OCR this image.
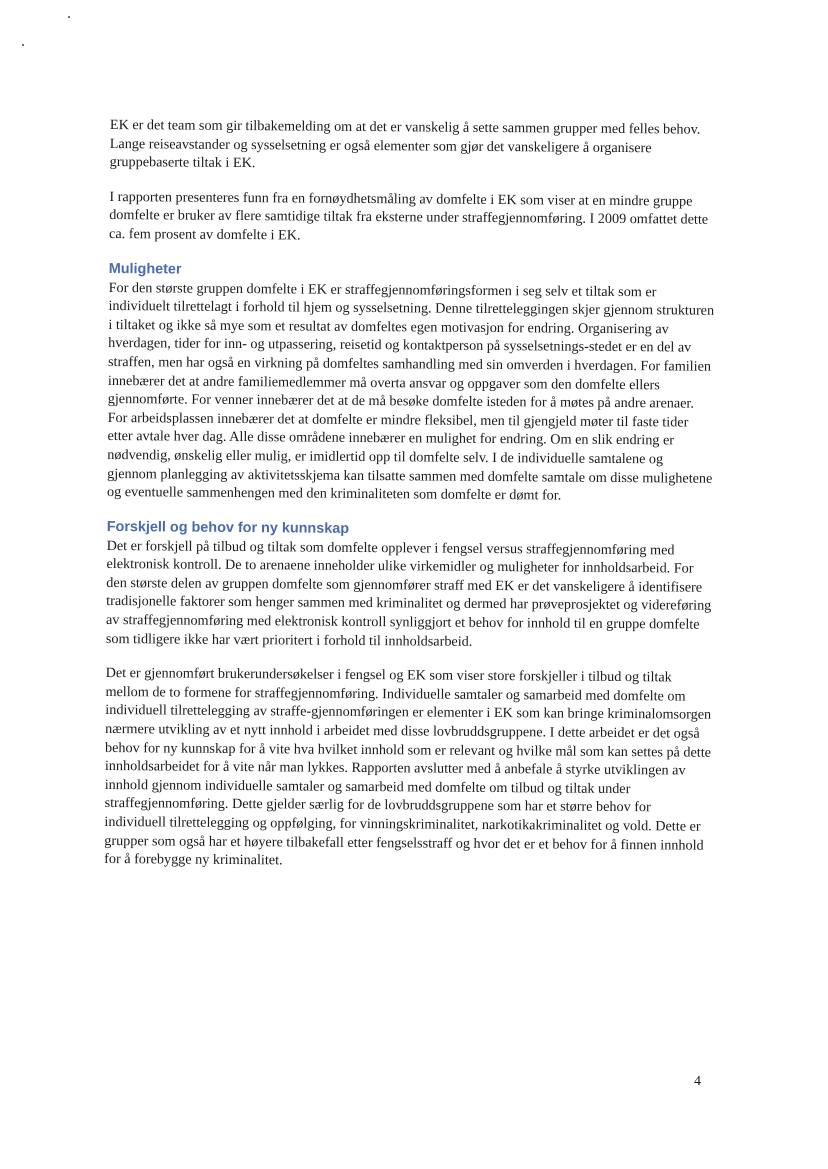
EK er det team som gir tilbakemelding om at det er vanskelig å sette sammen grupper med felles behov. Lange reiseavstander og sysselsetning er også elementer som gjør det vanskeligere å organisere gruppebaserte tiltak i EK.

I rapporten presenteres funn fra en fornøydhetsmåling av domfelte i EK som viser at en mindre gruppe domfelte er bruker av flere samtidige tiltak fra eksterne under straffegjennomføring. I 2009 omfattet dette ca. fem prosent av domfelte i EK.

Muligheter

For den største gruppen domfelte i EK er straffegjennomføringsformen i seg selv et tiltak som er individuelt tilrettelagt i forhold til hjem og sysselsetning. Denne tilretteleggingen skjer gjennom strukturen i tiltaket og ikke så mye som et resultat av domfeltes egen motivasjon for endring. Organisering av hverdagen, tider for inn- og utpassering, reisetid og kontaktperson på sysselsetnings-stedet er en del av straffen, men har også en virkning på domfeltes samhandling med sin omverden i hverdagen. For familien innebærer det at andre familiemedlemmer må overta ansvar og oppgaver som den domfelte ellers gjennomførte. For venner innebærer det at de må besøke domfelte isteden for å møtes på andre arenaer. For arbeidsplassen innebærer det at domfelte er mindre fleksibel, men til gjengjeld møter til faste tider etter avtale hver dag. Alle disse områdene innebærer en mulighet for endring. Om en slik endring er nødvendig, ønskelig eller mulig, er imidlertid opp til domfelte selv. I de individuelle samtalene og gjennom planlegging av aktivitetsskjema kan tilsatte sammen med domfelte samtale om disse mulighetene og eventuelle sammenhengen med den kriminaliteten som domfelte er dømt for.

Forskjell og behov for ny kunnskap

Det er forskjell på tilbud og tiltak som domfelte opplever i fengsel versus straffegjennomføring med elektronisk kontroll. De to arenaene inneholder ulike virkemidler og muligheter for innholdsarbeid. For den største delen av gruppen domfelte som gjennomfører straff med EK er det vanskeligere å identifisere tradisjonelle faktorer som henger sammen med kriminalitet og dermed har prøveprosjektet og videreføring av straffegjennomføring med elektronisk kontroll synliggjort et behov for innhold til en gruppe domfelte som tidligere ikke har vært prioritert i forhold til innholdsarbeid.

Det er gjennomført brukerundersøkelser i fengsel og EK som viser store forskjeller i tilbud og tiltak mellom de to formene for straffegjennomføring. Individuelle samtaler og samarbeid med domfelte om individuell tilrettelegging av straffe-gjennomføringen er elementer i EK som kan bringe kriminalomsorgen nærmere utvikling av et nytt innhold i arbeidet med disse lovbruddsgruppene. I dette arbeidet er det også behov for ny kunnskap for å vite hva hvilket innhold som er relevant og hvilke mål som kan settes på dette innholdsarbeidet for å vite når man lykkes. Rapporten avslutter med å anbefale å styrke utviklingen av innhold gjennom individuelle samtaler og samarbeid med domfelte om tilbud og tiltak under straffegjennomføring. Dette gjelder særlig for de lovbruddsgruppene som har et større behov for individuell tilrettelegging og oppfølging, for vinningskriminalitet, narkotikakriminalitet og vold. Dette er grupper som også har et høyere tilbakefall etter fengselsstraff og hvor det er et behov for å finnen innhold for å forebygge ny kriminalitet.

4
